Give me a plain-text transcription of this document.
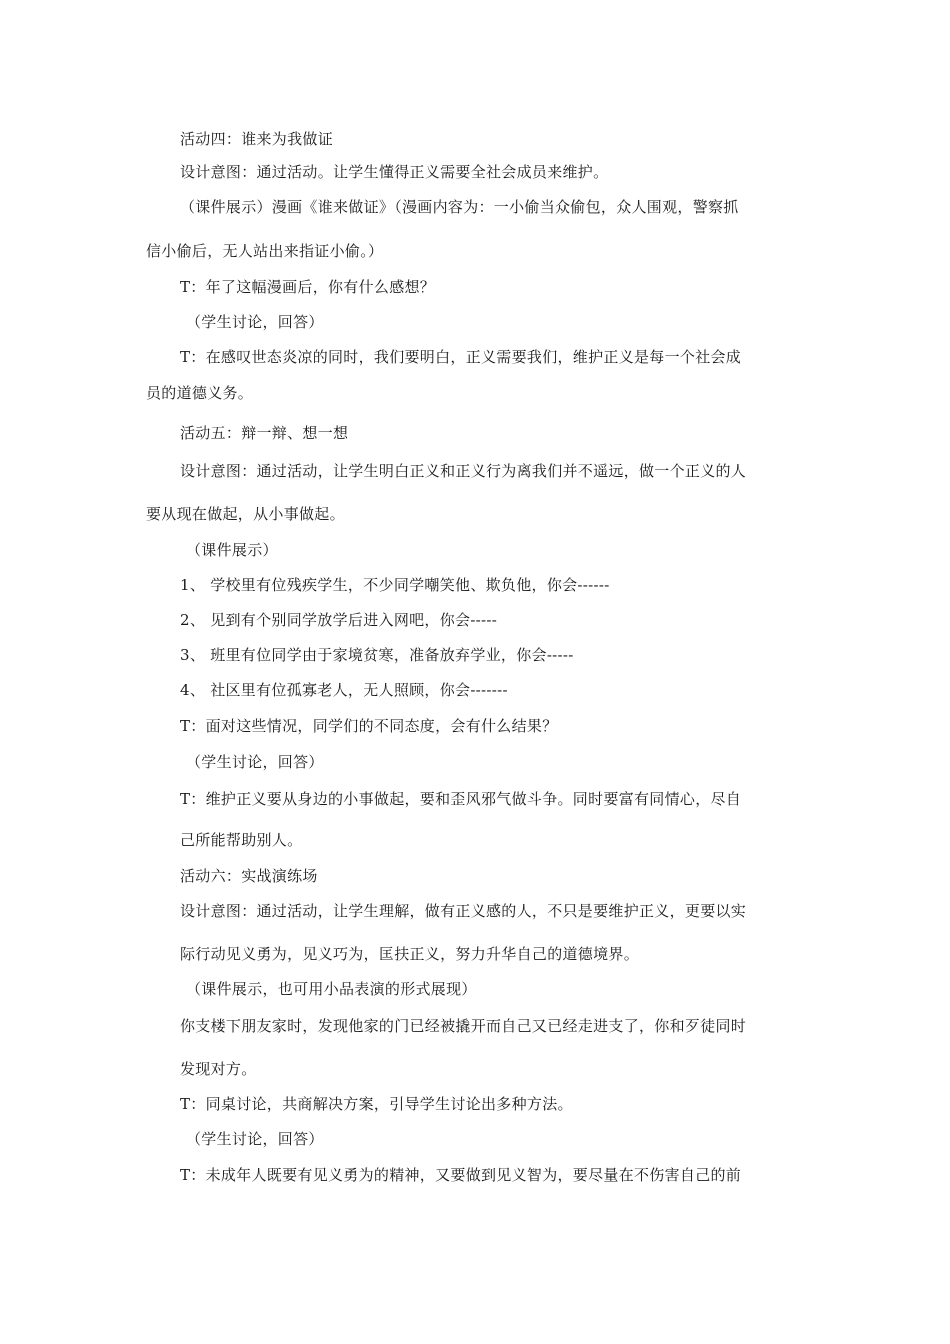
活动四：谁来为我做证
设计意图：通过活动。让学生懂得正义需要全社会成员来维护。
（课件展示）漫画《谁来做证》（漫画内容为：一小偷当众偷包，众人围观，警察抓
信小偷后，无人站出来指证小偷。）
T：年了这幅漫画后，你有什么感想？
（学生讨论，回答）
T：在感叹世态炎凉的同时，我们要明白，正义需要我们，维护正义是每一个社会成
员的道德义务。
活动五：辩一辩、想一想
设计意图：通过活动，让学生明白正义和正义行为离我们并不遥远，做一个正义的人
要从现在做起，从小事做起。
（课件展示）
1、 学校里有位残疾学生，不少同学嘲笑他、欺负他，你会------
2、 见到有个别同学放学后进入网吧，你会-----
3、 班里有位同学由于家境贫寒，准备放弃学业，你会-----
4、 社区里有位孤寡老人，无人照顾，你会-------
T：面对这些情况，同学们的不同态度，会有什么结果？
（学生讨论，回答）
T：维护正义要从身边的小事做起，要和歪风邪气做斗争。同时要富有同情心，尽自
己所能帮助别人。
活动六：实战演练场
设计意图：通过活动，让学生理解，做有正义感的人，不只是要维护正义，更要以实
际行动见义勇为，见义巧为，匡扶正义，努力升华自己的道德境界。
（课件展示，也可用小品表演的形式展现）
你支楼下朋友家时，发现他家的门已经被撬开而自己又已经走进支了，你和歹徒同时
发现对方。
T：同桌讨论，共商解决方案，引导学生讨论出多种方法。
（学生讨论，回答）
T：未成年人既要有见义勇为的精神，又要做到见义智为，要尽量在不伤害自己的前
